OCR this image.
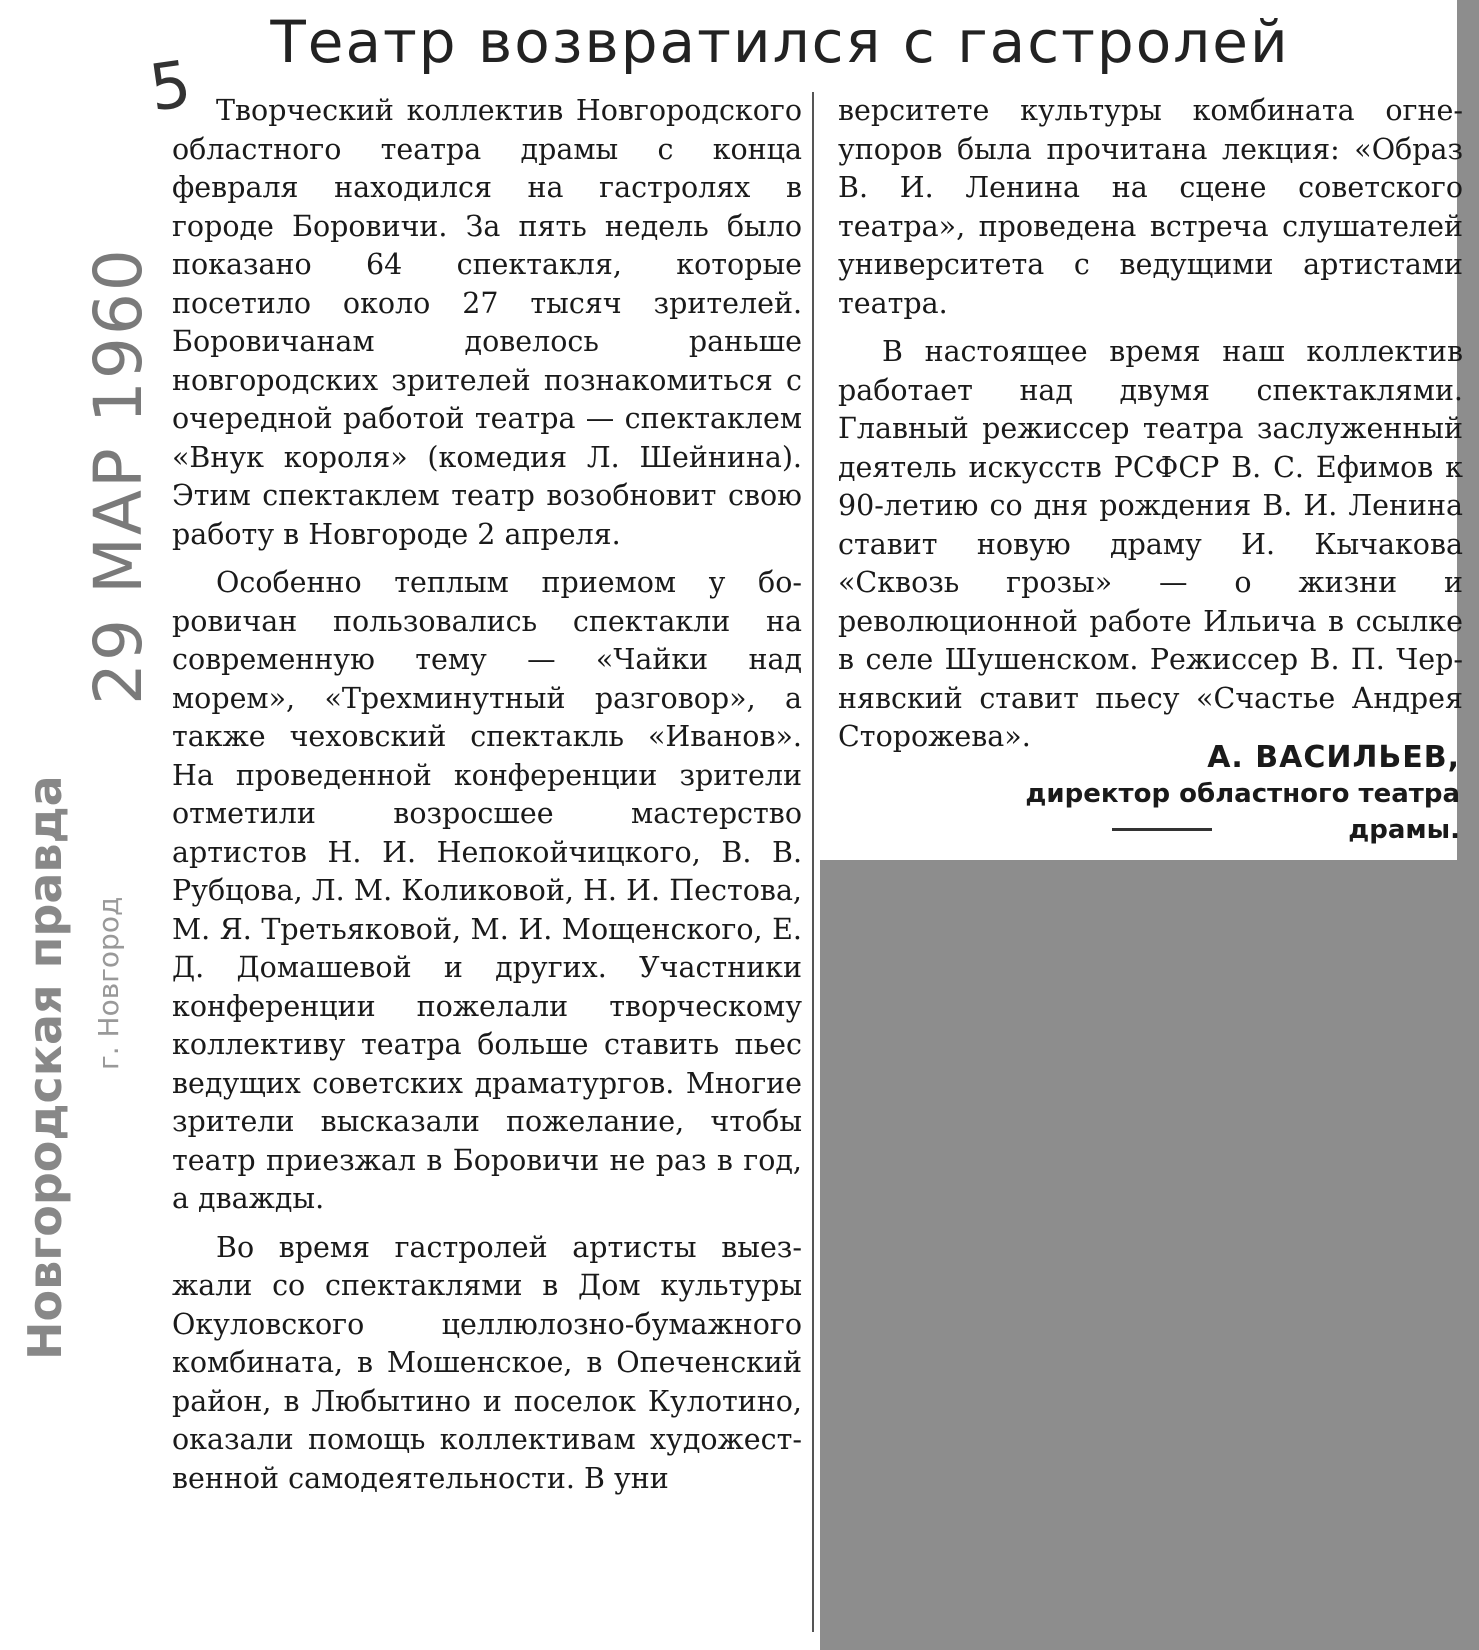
Театр возвратился с гастролей
5
29 МАР 1960
Новгородская правда г. Новгород

Творческий коллектив Новгородского областного театра драмы с конца февраля находился на гастролях в городе Боровичи. За пять недель было показано 64 спектакля, которые посетило около 27 тысяч зрителей. Боровичанам довелось раньше новгородских зрителей познакомиться с очередной работой театра — спектаклем «Внук короля» (комедия Л. Шейнина). Этим спектаклем театр возобновит свою работу в Новгороде 2 апреля.

Особенно теплым приемом у боровичан пользовались спектакли на современную тему — «Чайки над морем», «Трехминутный разговор», а также чеховский спектакль «Иванов». На проведенной конференции зрители отметили возросшее мастерство артистов Н. И. Непокойчицкого, В. В. Рубцова, Л. М. Коликовой, Н. И. Пестова, М. Я. Третьяковой, М. И. Мощенского, Е. Д. Домашевой и других. Участники конференции пожелали творческому коллективу театра больше ставить пьес ведущих советских драматургов. Многие зрители высказали пожелание, чтобы театр приезжал в Боровичи не раз в год, а дважды.

Во время гастролей артисты выезжали со спектаклями в Дом культуры Окуловского целлюлозно-бумажного комбината, в Мошенское, в Опеченский район, в Любытино и поселок Кулотино, оказали помощь коллективам художественной самодеятельности. В уни

верситете культуры комбината огнеупоров была прочитана лекция: «Образ В. И. Ленина на сцене советского театра», проведена встреча слушателей университета с ведущими артистами театра.

В настоящее время наш коллектив работает над двумя спектаклями. Главный режиссер театра заслуженный деятель искусств РСФСР В. С. Ефимов к 90-летию со дня рождения В. И. Ленина ставит новую драму И. Кычакова «Сквозь грозы» — о жизни и революционной работе Ильича в ссылке в селе Шушенском. Режиссер В. П. Чернявский ставит пьесу «Счастье Андрея Сторожева».

А. ВАСИЛЬЕВ,
директор областного театра драмы.
